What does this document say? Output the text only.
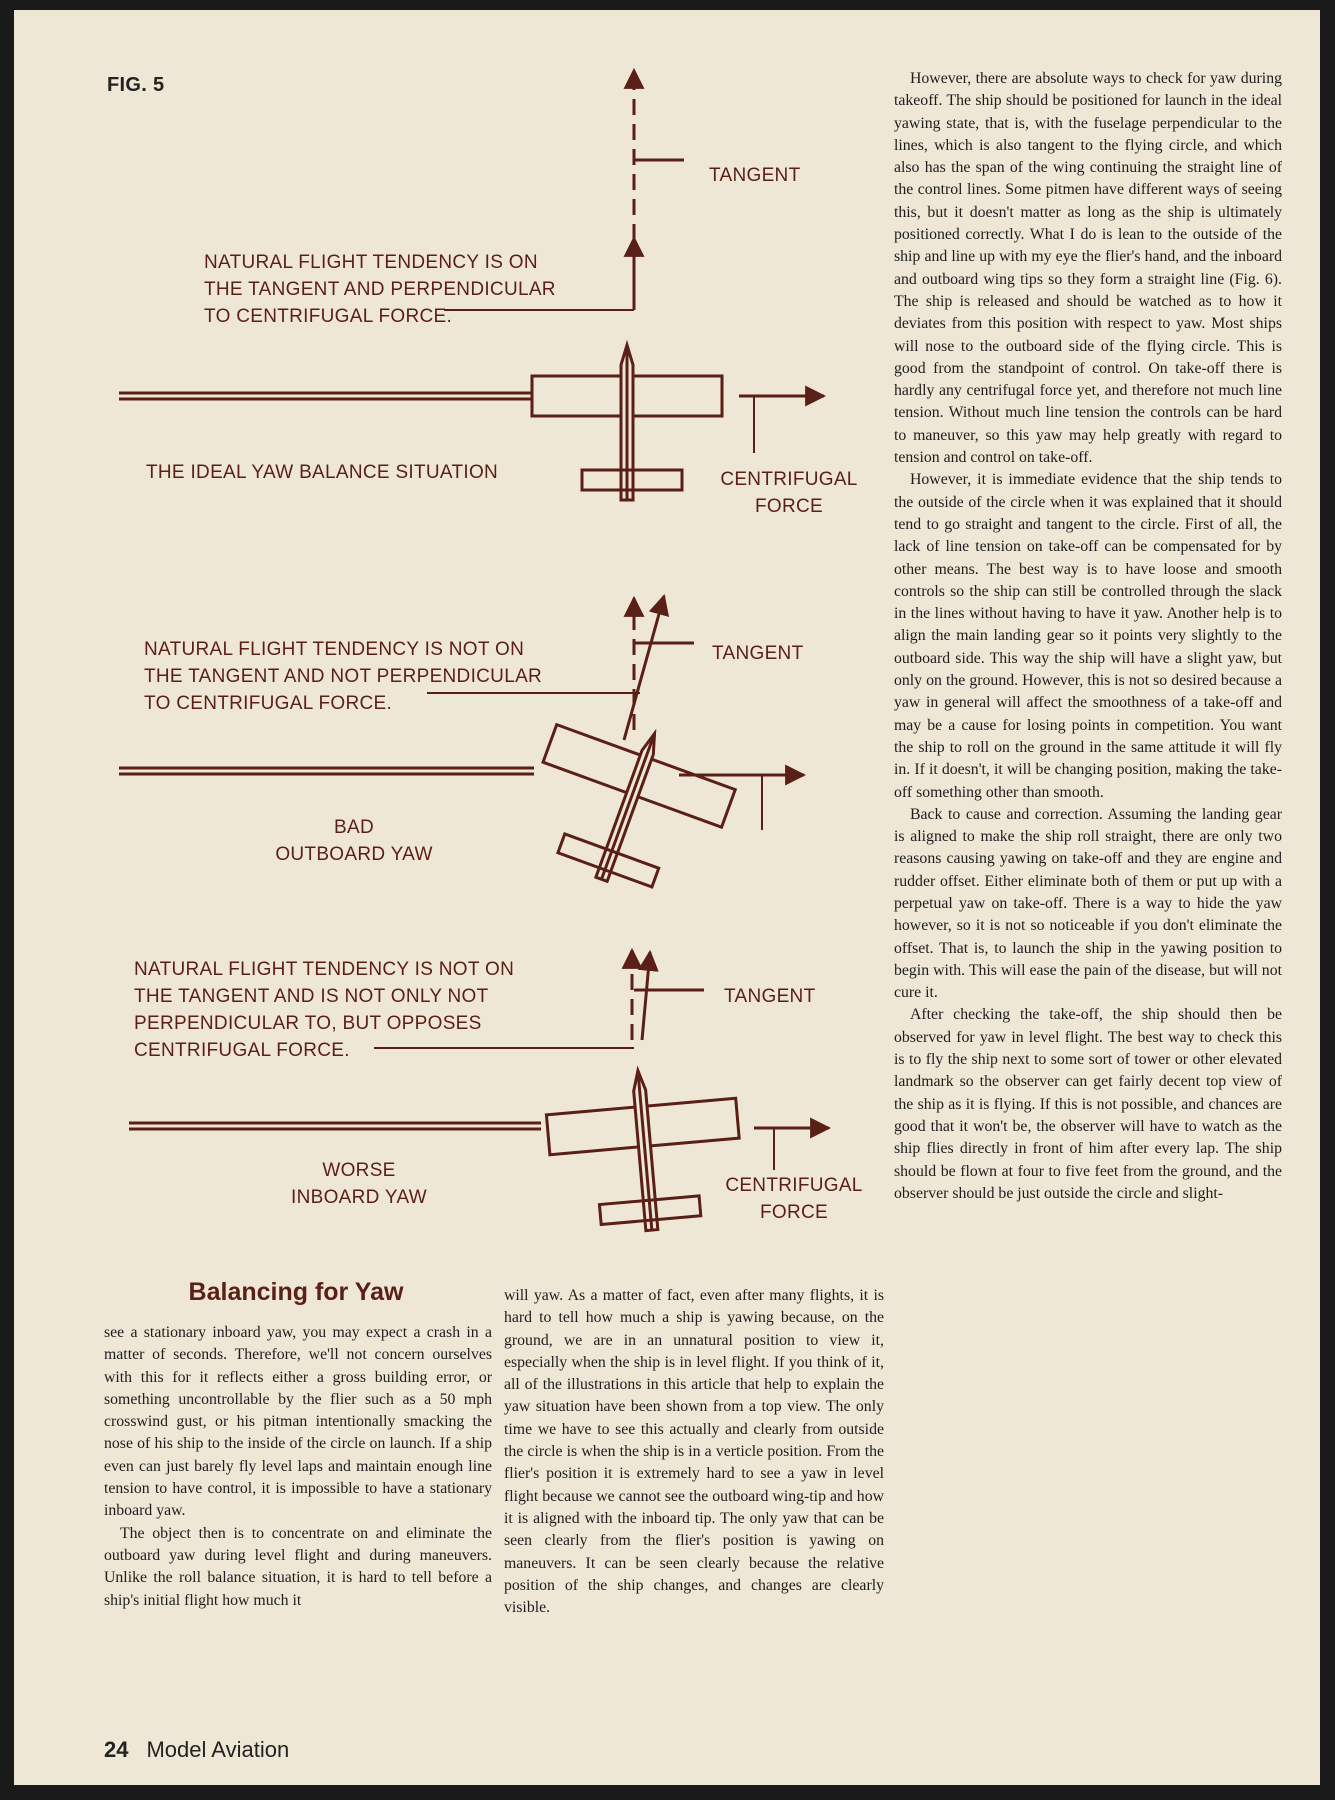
FIG. 5
TANGENT
NATURAL FLIGHT TENDENCY IS ON
THE TANGENT AND PERPENDICULAR
TO CENTRIFUGAL FORCE.
THE IDEAL YAW BALANCE SITUATION	CENTRIFUGAL
FORCE
TANGENT
NATURAL FLIGHT TENDENCY IS NOT ON
THE TANGENT AND NOT PERPENDICULAR
TO CENTRIFUGAL FORCE.
BAD
OUTBOARD YAW
TANGENT
NATURAL FLIGHT TENDENCY IS NOT ON
THE TANGENT AND IS NOT ONLY NOT
PERPENDICULAR TO, BUT OPPOSES
CENTRIFUGAL FORCE.
WORSE
INBOARD YAW
CENTRIFUGAL
FORCE
Balancing for Yaw

see a stationary inboard yaw, you may expect a crash in a matter of seconds. Therefore, we'll not concern ourselves with this for it reflects either a gross building error, or something uncontrollable by the flier such as a 50 mph crosswind gust, or his pitman intentionally smacking the nose of his ship to the inside of the circle on launch. If a ship even can just barely fly level laps and maintain enough line tension to have control, it is impossible to have a stationary inboard yaw.

The object then is to concentrate on and eliminate the outboard yaw during level flight and during maneuvers. Unlike the roll balance situation, it is hard to tell before a ship's initial flight how much it

will yaw. As a matter of fact, even after many flights, it is hard to tell how much a ship is yawing because, on the ground, we are in an unnatural position to view it, especially when the ship is in level flight. If you think of it, all of the illustrations in this article that help to explain the yaw situation have been shown from a top view. The only time we have to see this actually and clearly from outside the circle is when the ship is in a verticle position. From the flier's position it is extremely hard to see a yaw in level flight because we cannot see the outboard wing-tip and how it is aligned with the inboard tip. The only yaw that can be seen clearly from the flier's position is yawing on maneuvers. It can be seen clearly because the relative position of the ship changes, and changes are clearly visible.

However, there are absolute ways to check for yaw during takeoff. The ship should be positioned for launch in the ideal yawing state, that is, with the fuselage perpendicular to the lines, which is also tangent to the flying circle, and which also has the span of the wing continuing the straight line of the control lines. Some pitmen have different ways of seeing this, but it doesn't matter as long as the ship is ultimately positioned correctly. What I do is lean to the outside of the ship and line up with my eye the flier's hand, and the inboard and outboard wing tips so they form a straight line (Fig. 6). The ship is released and should be watched as to how it deviates from this position with respect to yaw. Most ships will nose to the outboard side of the flying circle. This is good from the standpoint of control. On take-off there is hardly any centrifugal force yet, and therefore not much line tension. Without much line tension the controls can be hard to maneuver, so this yaw may help greatly with regard to tension and control on take-off.

However, it is immediate evidence that the ship tends to the outside of the circle when it was explained that it should tend to go straight and tangent to the circle. First of all, the lack of line tension on take-off can be compensated for by other means. The best way is to have loose and smooth controls so the ship can still be controlled through the slack in the lines without having to have it yaw. Another help is to align the main landing gear so it points very slightly to the outboard side. This way the ship will have a slight yaw, but only on the ground. However, this is not so desired because a yaw in general will affect the smoothness of a take-off and may be a cause for losing points in competition. You want the ship to roll on the ground in the same attitude it will fly in. If it doesn't, it will be changing position, making the take-off something other than smooth.

Back to cause and correction. Assuming the landing gear is aligned to make the ship roll straight, there are only two reasons causing yawing on take-off and they are engine and rudder offset. Either eliminate both of them or put up with a perpetual yaw on take-off. There is a way to hide the yaw however, so it is not so noticeable if you don't eliminate the offset. That is, to launch the ship in the yawing position to begin with. This will ease the pain of the disease, but will not cure it.

After checking the take-off, the ship should then be observed for yaw in level flight. The best way to check this is to fly the ship next to some sort of tower or other elevated landmark so the observer can get fairly decent top view of the ship as it is flying. If this is not possible, and chances are good that it won't be, the observer will have to watch as the ship flies directly in front of him after every lap. The ship should be flown at four to five feet from the ground, and the observer should be just outside the circle and slight-

24 Model Aviation
